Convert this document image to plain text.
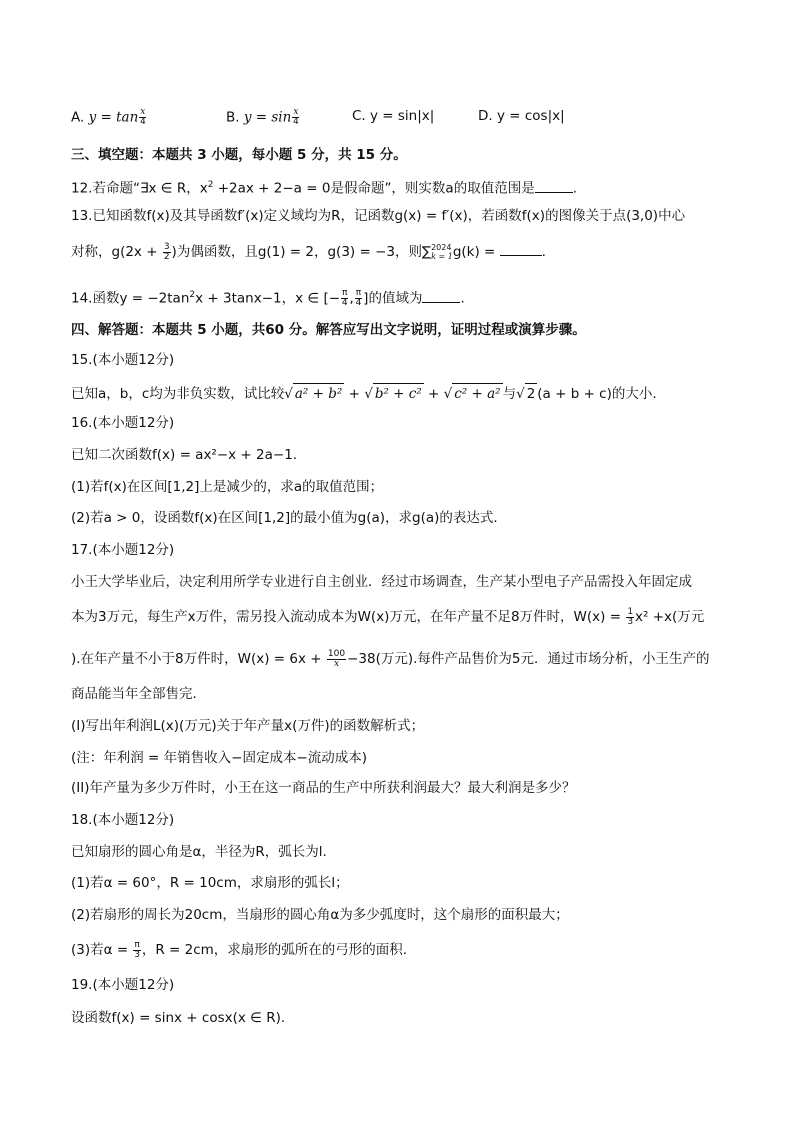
A. $y = \tan \frac{x}{4}$	B. $y = \sin \frac{x}{4}$	C. y = sin|x|	D. y = cos|x|
三、填空题：本题共 3 小题，每小题 5 分，共 15 分。
12.若命题“∃x ∈ R，$x^2 +2ax + 2-a = 0$是假命题”，则实数a的取值范围是	.
13.已知函数f(x)及其导函数f′(x)定义域均为R，记函数g(x) = f′(x)，若函数f(x)的图像关于点(3,0)中心
对称，$g(2x + \frac{3}{2}$ )为偶函数，且g(1) = 2，g(3) = −3，则∑ 2024
k = 1 g(k) =	.
14.函数$y = -2\tan^2x + 3\tan x-1$，x ∈ [− $\frac{\pi}{4}$ , $\frac{\pi}{4}$ ]的值域为	.
四、解答题：本题共 5 小题，共60 分。解答应写出文字说明，证明过程或演算步骤。
15.(本小题12分)
已知a，b，c均为非负实数，试比较√ a² + b² + √ b² + c² + √ c² + a² 与√ 2 (a + b + c)的大小.
16.(本小题12分)
已知二次函数f(x) = ax²−x + 2a−1.
(1)若f(x)在区间[1,2]上是减少的，求a的取值范围；
(2)若a > 0，设函数f(x)在区间[1,2]的最小值为g(a)，求g(a)的表达式.
17.(本小题12分)
小王大学毕业后，决定利用所学专业进行自主创业．经过市场调查，生产某小型电子产品需投入年固定成
本为3万元，每生产x万件，需另投入流动成本为W(x)万元，在年产量不足8万件时，$W(x) = \frac{1}{3} x^2 +x$(万元
).在年产量不小于8万件时，$W(x) = 6x + \frac{100}{x} -38$(万元).每件产品售价为5元．通过市场分析，小王生产的
商品能当年全部售完．
(I)写出年利润L(x)(万元)关于年产量x(万件)的函数解析式；
(注：年利润 = 年销售收入−固定成本−流动成本)
(II)年产量为多少万件时，小王在这一商品的生产中所获利润最大？最大利润是多少？
18.(本小题12分)
已知扇形的圆心角是α，半径为R，弧长为l.
(1)若α = 60°，R = 10cm，求扇形的弧长l；
(2)若扇形的周长为20cm，当扇形的圆心角α为多少弧度时，这个扇形的面积最大；
(3)若$\alpha = \frac{\pi}{3}$ ，R = 2cm，求扇形的弧所在的弓形的面积.
19.(本小题12分)
设函数f(x) = sinx + cosx(x ∈ R).
